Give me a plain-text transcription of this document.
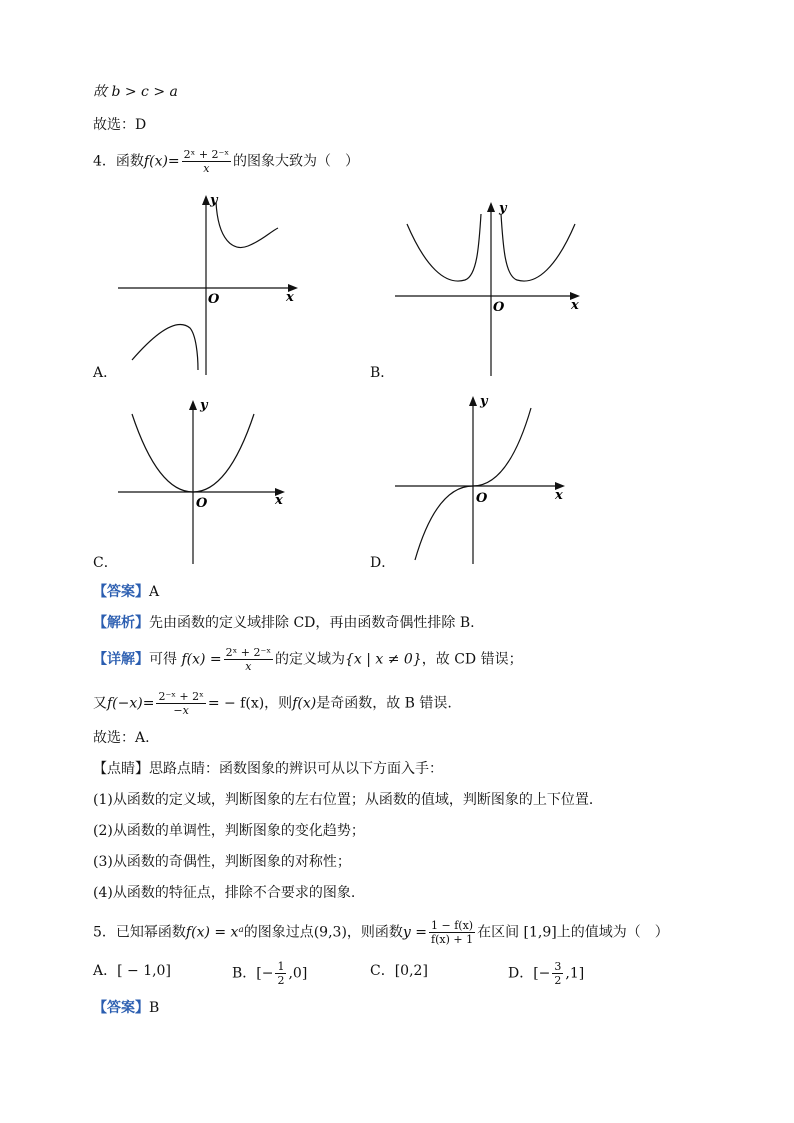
故 b > c > a
故选：D
4．函数$f(x)= \frac{\text{2ˣ + 2⁻ˣ}}{x}$ 的图象大致为（　）
y
O	x
A．
y
O	x
B．
y
O	x
C．
y
O	x
D．
【答案】A
【解析】先由函数的定义域排除 CD，再由函数奇偶性排除 B.
【详解】可得 $f(x) = \frac{\text{2ˣ + 2⁻ˣ}}{x}$ 的定义域为{x | x ≠ 0}，故 CD 错误；
又$f(-x)= \frac{\text{2⁻ˣ + 2ˣ}}{-x}$ = − f(x)，则f(x)是奇函数，故 B 错误.
故选：A.
【点睛】思路点睛：函数图象的辨识可从以下方面入手：
(1)从函数的定义域，判断图象的左右位置；从函数的值域，判断图象的上下位置．
(2)从函数的单调性，判断图象的变化趋势；
(3)从函数的奇偶性，判断图象的对称性；
(4)从函数的特征点，排除不合要求的图象.
5．已知幂函数f(x) = xᵃ的图象过点(9,3)，则函数$y = \frac{1 - f(x)}{f(x) + 1}$ 在区间 [1,9]上的值域为（　）
A．[ − 1,0]	B．[− $\frac{1}{2} ,0$]	C．[0,2]	D．[− $\frac{3}{2} ,1$]
【答案】B
